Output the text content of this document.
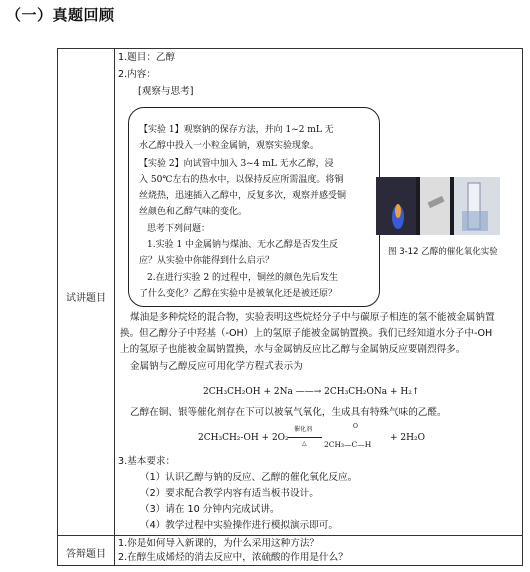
（一）真题回顾
试讲题目
答辩题目
1.题目：乙醇
2.内容：
[观察与思考]
【实验 1】观察钠的保存方法，并向 1~2 mL 无
水乙醇中投入一小粒金属钠，观察实验现象。
【实验 2】向试管中加入 3~4 mL 无水乙醇，浸
入 50℃左右的热水中，以保持反应所需温度。将铜
丝烧热，迅速插入乙醇中，反复多次，观察并感受铜
丝颜色和乙醇气味的变化。
思考下列问题：
1.实验 1 中金属钠与煤油、无水乙醇是否发生反
应？从实验中你能得到什么启示？
2.在进行实验 2 的过程中，铜丝的颜色先后发生
了什么变化？乙醇在实验中是被氧化还是被还原？
图 3-12 乙醇的催化氧化实验
煤油是多种烷烃的混合物，实验表明这些烷烃分子中与碳原子相连的氢不能被金属钠置
换。但乙醇分子中羟基（-OH）上的氢原子能被金属钠置换。我们已经知道水分子中-OH
上的氢原子也能被金属钠置换，水与金属钠反应比乙醇与金属钠反应要剧烈得多。
金属钠与乙醇反应可用化学方程式表示为
2CH₃CH₂OH + 2Na ——→ 2CH₃CH₂ONa + H₂↑
乙醇在铜、银等催化剂存在下可以被氧气氧化，生成具有特殊气味的乙醛。
2CH₃CH₂-OH + 2O₂
催化剂
△
O
2CH₃—C—H
+ 2H₂O
3.基本要求：
（1）认识乙醇与钠的反应、乙醇的催化氧化反应。
（2）要求配合教学内容有适当板书设计。
（3）请在 10 分钟内完成试讲。
（4）教学过程中实验操作进行模拟演示即可。
1.你是如何导入新课的，为什么采用这种方法？
2.在醇生成烯烃的消去反应中，浓硫酸的作用是什么？
